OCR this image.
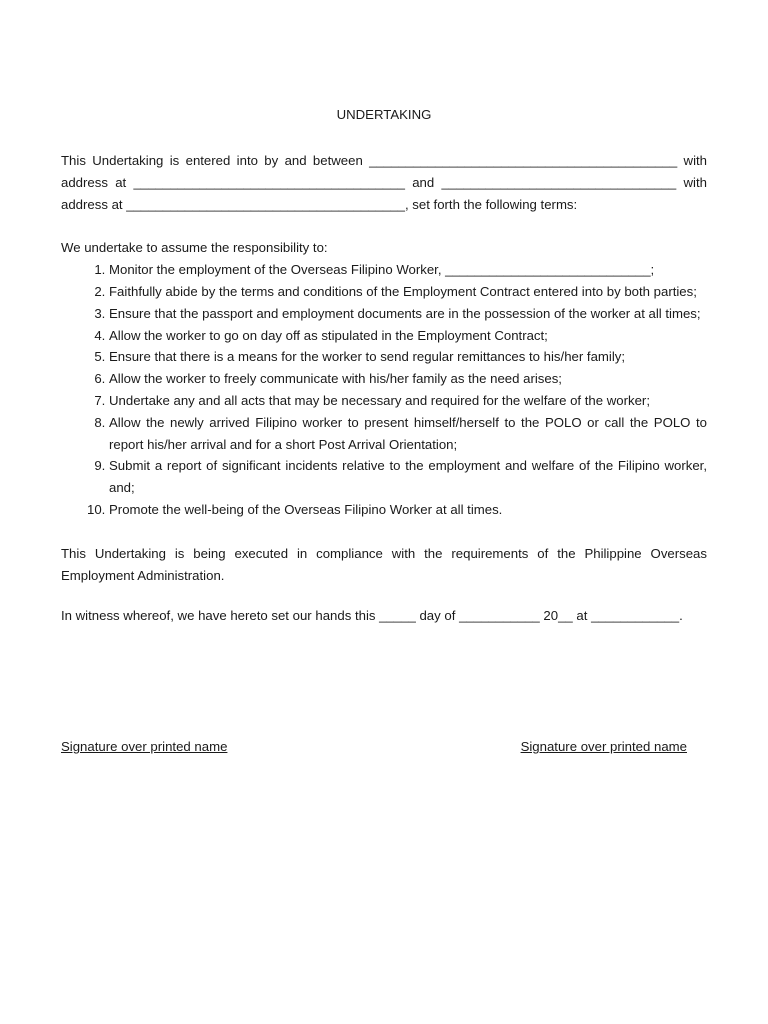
UNDERTAKING

This Undertaking is entered into by and between __________________________________________ with address at _____________________________________ and ________________________________ with address at ______________________________________, set forth the following terms:

We undertake to assume the responsibility to:

1. Monitor the employment of the Overseas Filipino Worker, ____________________________;
2. Faithfully abide by the terms and conditions of the Employment Contract entered into by both parties;
3. Ensure that the passport and employment documents are in the possession of the worker at all times;
4. Allow the worker to go on day off as stipulated in the Employment Contract;
5. Ensure that there is a means for the worker to send regular remittances to his/her family;
6. Allow the worker to freely communicate with his/her family as the need arises;
7. Undertake any and all acts that may be necessary and required for the welfare of the worker;
8. Allow the newly arrived Filipino worker to present himself/herself to the POLO or call the POLO to report his/her arrival and for a short Post Arrival Orientation;
9. Submit a report of significant incidents relative to the employment and welfare of the Filipino worker, and;
10. Promote the well-being of the Overseas Filipino Worker at all times.

This Undertaking is being executed in compliance with the requirements of the Philippine Overseas Employment Administration.

In witness whereof, we have hereto set our hands this _____ day of ___________ 20__ at ____________.

Signature over printed name	Signature over printed name
